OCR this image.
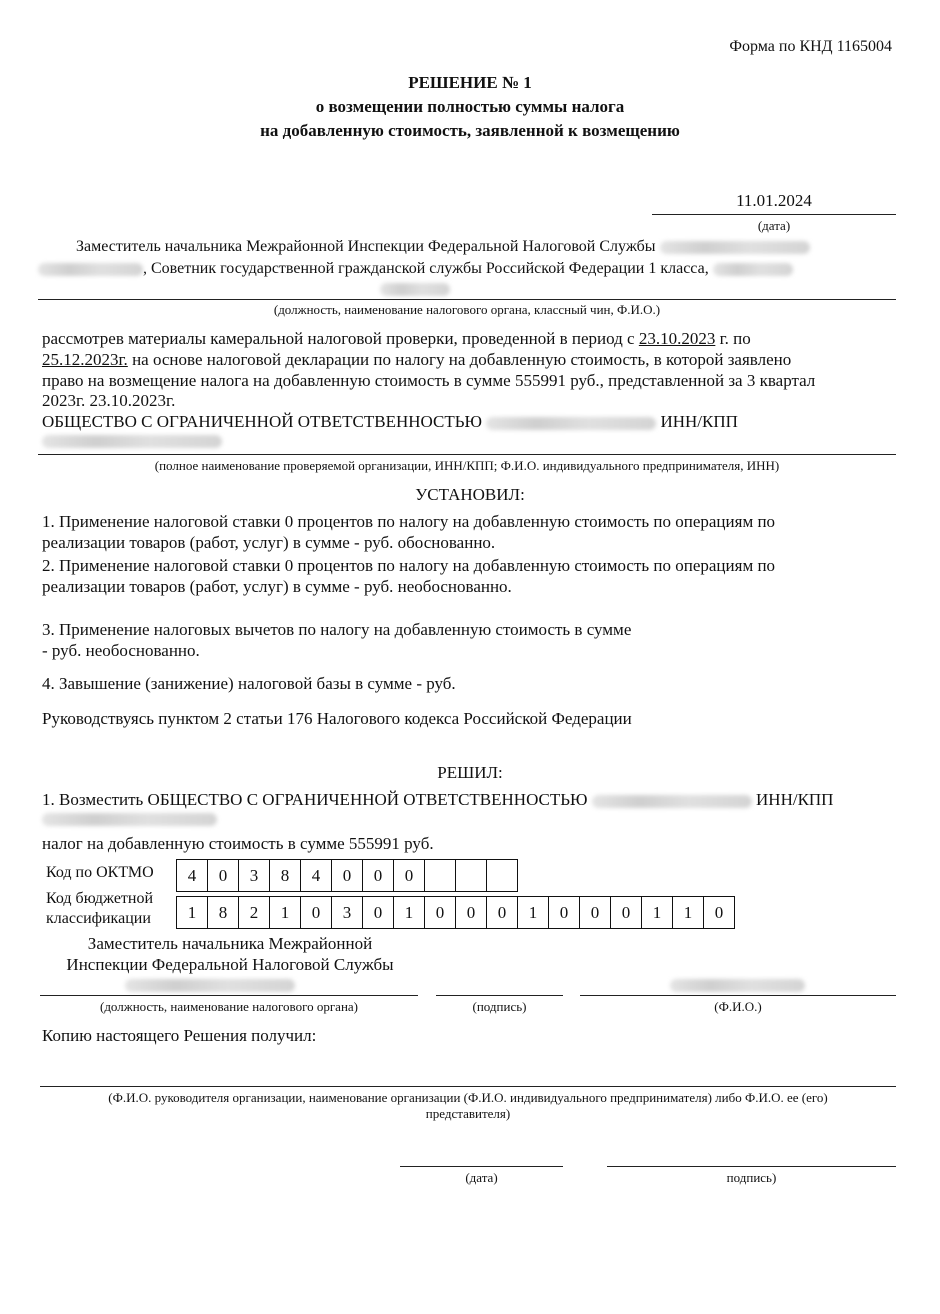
Форма по КНД 1165004
РЕШЕНИЕ № 1
о возмещении полностью суммы налога
на добавленную стоимость, заявленной к возмещению
11.01.2024
(дата)
Заместитель начальника Межрайонной Инспекции Федеральной Налоговой Службы
, Советник государственной гражданской службы Российской Федерации 1 класса,
(должность, наименование налогового органа, классный чин, Ф.И.О.)
рассмотрев материалы камеральной налоговой проверки, проведенной в период с 23.10.2023 г. по
25.12.2023г. на основе налоговой декларации по налогу на добавленную стоимость, в которой заявлено
право на возмещение налога на добавленную стоимость в сумме 555991 руб., представленной за 3 квартал
2023г. 23.10.2023г.
ОБЩЕСТВО С ОГРАНИЧЕННОЙ ОТВЕТСТВЕННОСТЬЮ	ИНН/КПП
(полное наименование проверяемой организации, ИНН/КПП; Ф.И.О. индивидуального предпринимателя, ИНН)
УСТАНОВИЛ:
1. Применение налоговой ставки 0 процентов по налогу на добавленную стоимость по операциям по
реализации товаров (работ, услуг) в сумме - руб. обоснованно.
2. Применение налоговой ставки 0 процентов по налогу на добавленную стоимость по операциям по
реализации товаров (работ, услуг) в сумме - руб. необоснованно.
3. Применение налоговых вычетов по налогу на добавленную стоимость в сумме
- руб. необоснованно.
4. Завышение (занижение) налоговой базы в сумме - руб.
Руководствуясь пунктом 2 статьи 176 Налогового кодекса Российской Федерации
РЕШИЛ:
1. Возместить ОБЩЕСТВО С ОГРАНИЧЕННОЙ ОТВЕТСТВЕННОСТЬЮ	ИНН/КПП
налог на добавленную стоимость в сумме 555991 руб.
Код по ОКТМО	4	0	3	8	4	0	0	0
Код бюджетной
классификации	1	8	2	1	0	3	0	1	0	0	0	1	0	0	0	1	1	0
Заместитель начальника Межрайонной
Инспекции Федеральной Налоговой Службы
(должность, наименование налогового органа)	(подпись)	(Ф.И.О.)
Копию настоящего Решения получил:
(Ф.И.О. руководителя организации, наименование организации (Ф.И.О. индивидуального предпринимателя) либо Ф.И.О. ее (его)
представителя)
(дата)	подпись)
